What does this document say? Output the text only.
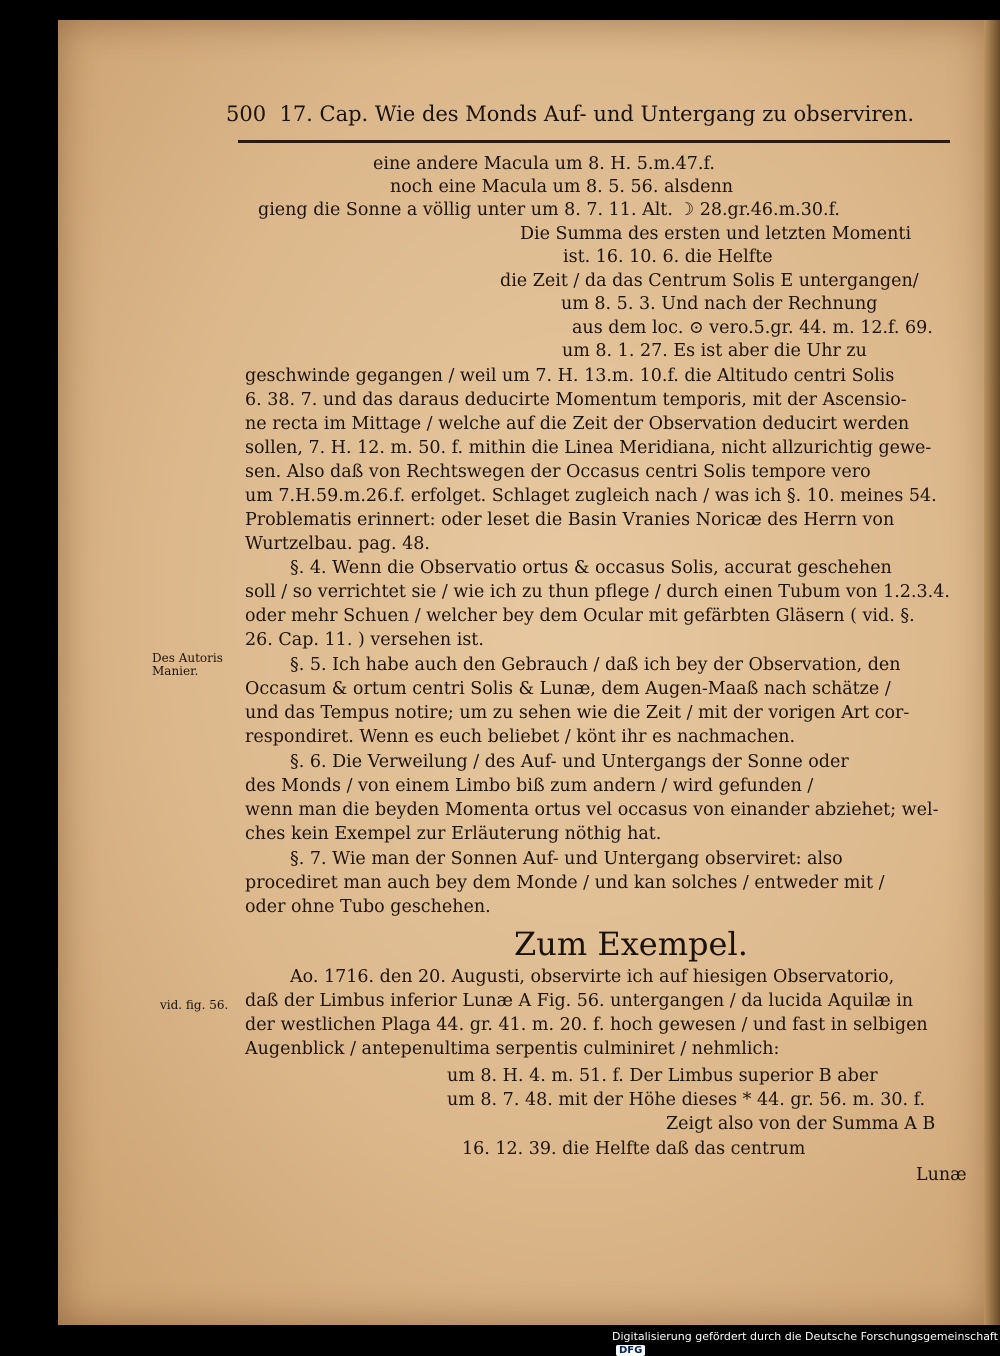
500 17. Cap. Wie des Monds Auf- und Untergang zu observiren.
Des Autoris Manier.
vid. fig. 56.
eine andere Macula um 8. H. 5.m.47.f.
noch eine Macula um 8. 5. 56. alsdenn
gieng die Sonne a völlig unter um 8. 7. 11. Alt. ☽ 28.gr.46.m.30.f.
Die Summa des ersten und letzten Momenti
ist. 16. 10. 6. die Helfte
die Zeit / da das Centrum Solis E untergangen/
um 8. 5. 3. Und nach der Rechnung
aus dem loc. ⊙ vero.5.gr. 44. m. 12.f. 69.
um 8. 1. 27. Es ist aber die Uhr zu
geschwinde gegangen / weil um 7. H. 13.m. 10.f. die Altitudo centri Solis
6. 38. 7. und das daraus deducirte Momentum temporis, mit der Ascensio-
ne recta im Mittage / welche auf die Zeit der Observation deducirt werden
sollen, 7. H. 12. m. 50. f. mithin die Linea Meridiana, nicht allzurichtig gewe-
sen. Also daß von Rechtswegen der Occasus centri Solis tempore vero
um 7.H.59.m.26.f. erfolget. Schlaget zugleich nach / was ich §. 10. meines 54.
Problematis erinnert: oder leset die Basin Vranies Noricæ des Herrn von
Wurtzelbau. pag. 48.
§. 4. Wenn die Observatio ortus & occasus Solis, accurat geschehen
soll / so verrichtet sie / wie ich zu thun pflege / durch einen Tubum von 1.2.3.4.
oder mehr Schuen / welcher bey dem Ocular mit gefärbten Gläsern ( vid. §.
26. Cap. 11. ) versehen ist.
§. 5. Ich habe auch den Gebrauch / daß ich bey der Observation, den
Occasum & ortum centri Solis & Lunæ, dem Augen-Maaß nach schätze /
und das Tempus notire; um zu sehen wie die Zeit / mit der vorigen Art cor-
respondiret. Wenn es euch beliebet / könt ihr es nachmachen.
§. 6. Die Verweilung / des Auf- und Untergangs der Sonne oder
des Monds / von einem Limbo biß zum andern / wird gefunden /
wenn man die beyden Momenta ortus vel occasus von einander abziehet; wel-
ches kein Exempel zur Erläuterung nöthig hat.
§. 7. Wie man der Sonnen Auf- und Untergang observiret: also
procediret man auch bey dem Monde / und kan solches / entweder mit /
oder ohne Tubo geschehen.
Ao. 1716. den 20. Augusti, observirte ich auf hiesigen Observatorio,
daß der Limbus inferior Lunæ A Fig. 56. untergangen / da lucida Aquilæ in
der westlichen Plaga 44. gr. 41. m. 20. f. hoch gewesen / und fast in selbigen
Augenblick / antepenultima serpentis culminiret / nehmlich:
um 8. H. 4. m. 51. f. Der Limbus superior B aber
um 8. 7. 48. mit der Höhe dieses * 44. gr. 56. m. 30. f.
Zeigt also von der Summa A B
16. 12. 39. die Helfte daß das centrum
Lunæ
Zum Exempel.
Digitalisierung gefördert durch die Deutsche ForschungsgemeinschaftDFG
